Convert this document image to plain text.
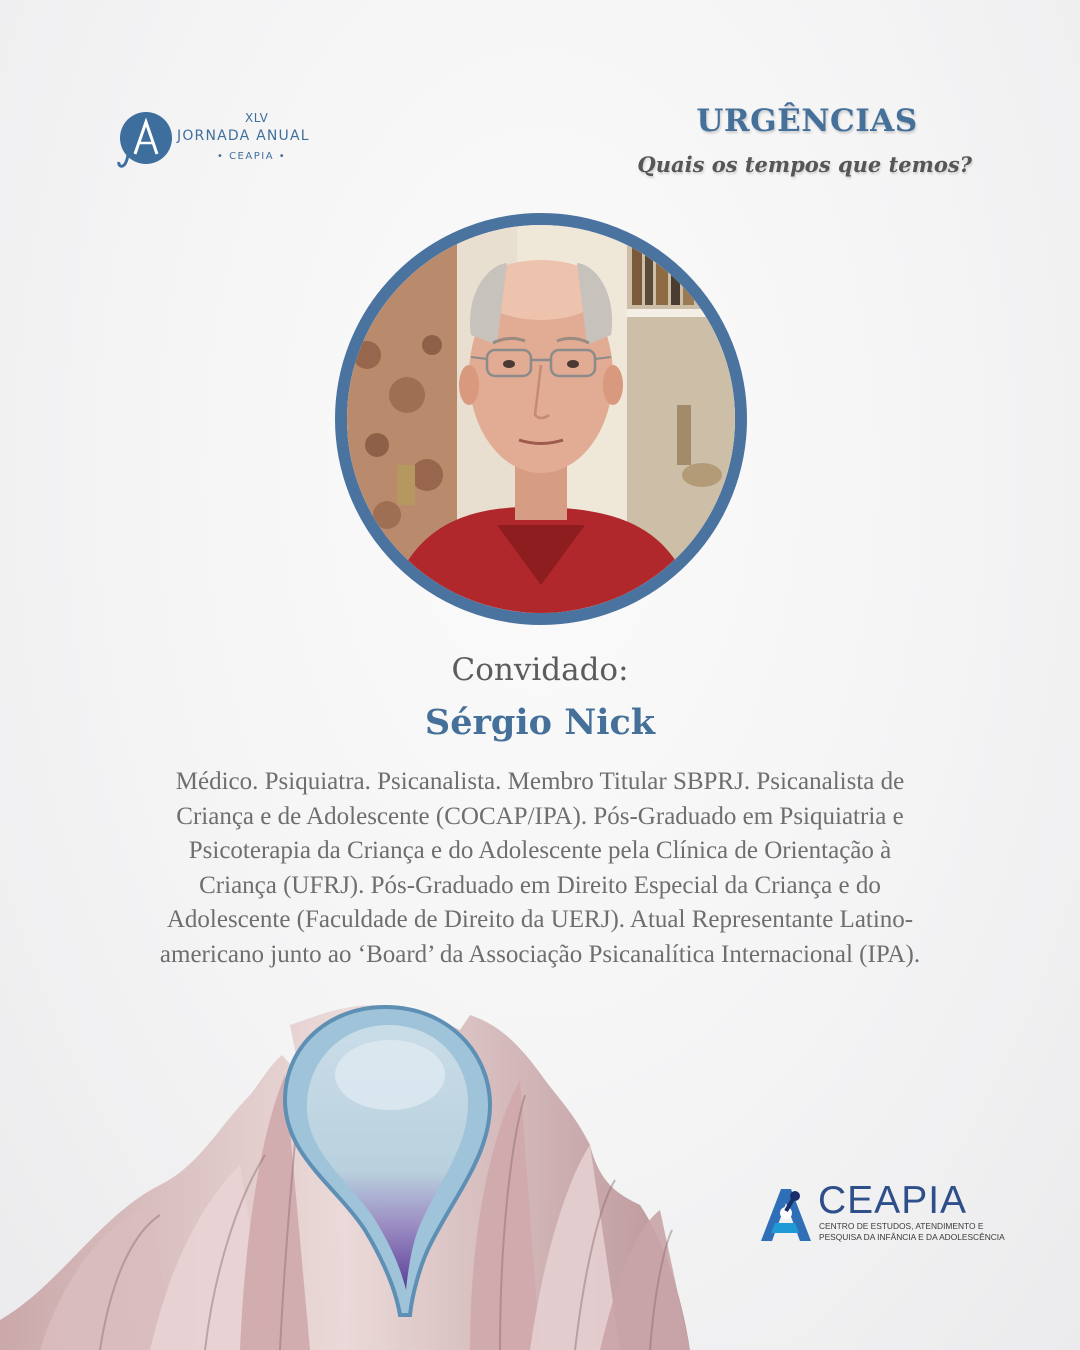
XLV
JORNADA ANUAL
• CEAPIA •
URGÊNCIAS
Quais os tempos que temos?
Convidado:
Sérgio Nick
Médico. Psiquiatra. Psicanalista. Membro Titular SBPRJ. Psicanalista de
Criança e de Adolescente (COCAP/IPA). Pós-Graduado em Psiquiatria e
Psicoterapia da Criança e do Adolescente pela Clínica de Orientação à
Criança (UFRJ). Pós-Graduado em Direito Especial da Criança e do
Adolescente (Faculdade de Direito da UERJ). Atual Representante Latino-
americano junto ao ‘Board’ da Associação Psicanalítica Internacional (IPA).
CEAPIA
CENTRO DE ESTUDOS, ATENDIMENTO E
PESQUISA DA INFÂNCIA E DA ADOLESCÊNCIA
